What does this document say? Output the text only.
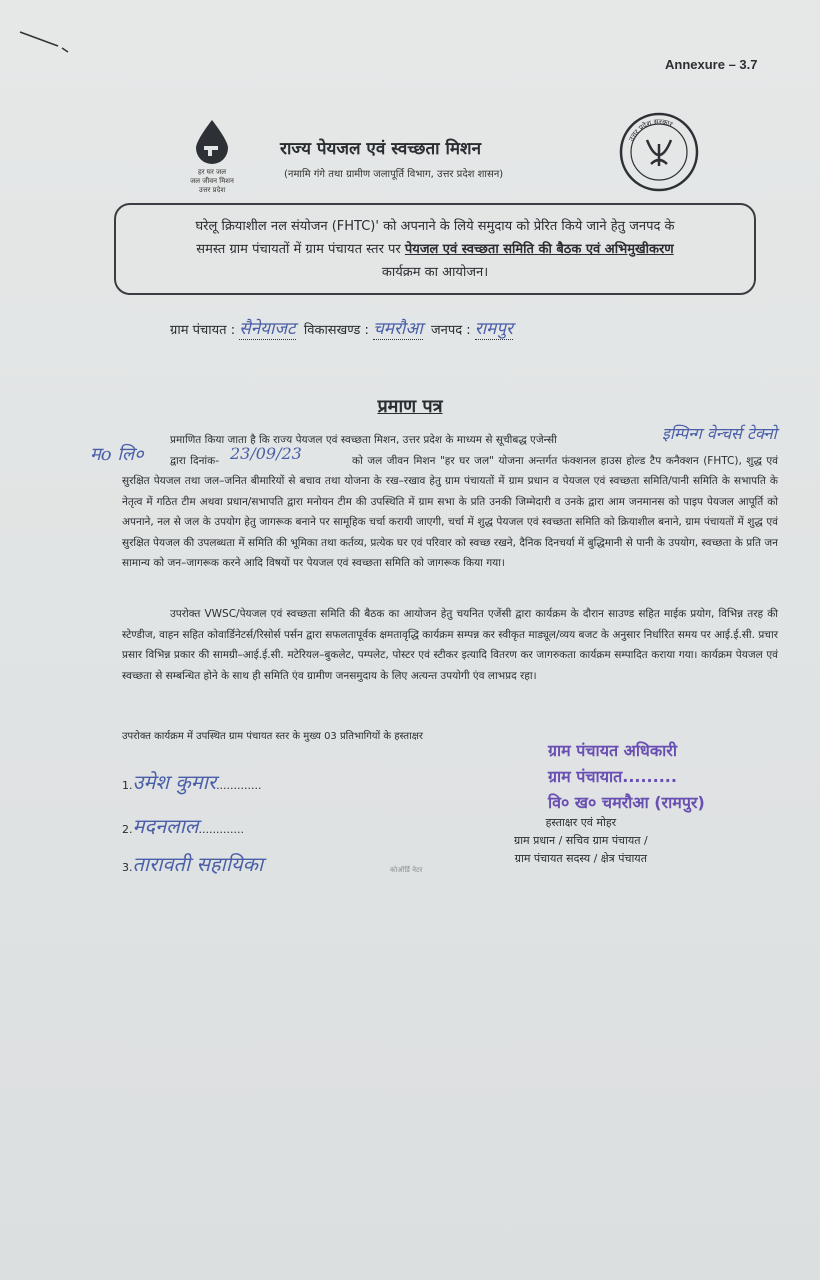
Annexure – 3.7
हर घर जल
जल जीवन मिशन
उत्तर प्रदेश
राज्य पेयजल एवं स्वच्छता मिशन
(नमामि गंगे तथा ग्रामीण जलापूर्ति विभाग, उत्तर प्रदेश शासन)
उत्तर प्रदेश सरकार
घरेलू क्रियाशील नल संयोजन (FHTC)' को अपनाने के लिये समुदाय को प्रेरित किये जाने हेतु जनपद के
समस्त ग्राम पंचायतों में ग्राम पंचायत स्तर पर पेयजल एवं स्वच्छता समिति की बैठक एवं अभिमुखीकरण
कार्यक्रम का आयोजन।
ग्राम पंचायत : सैनेयाजट विकासखण्ड : चमरौआ जनपद : रामपुर
प्रमाण पत्र
मo लि०
इम्पिन्ग वेन्चर्स टेक्नो
23/09/23
प्रमाणित किया जाता है कि राज्य पेयजल एवं स्वच्छता मिशन, उत्तर प्रदेश के माध्यम से सूचीबद्ध एजेन्सी
द्वारा दिनांक-	को जल जीवन मिशन "हर घर जल" योजना अन्तर्गत फंक्शनल हाउस होल्ड टैप कनैक्शन (FHTC), शुद्ध एवं सुरक्षित पेयजल तथा जल–जनित बीमारियों से बचाव तथा योजना के रख–रखाव हेतु ग्राम पंचायतों में ग्राम प्रधान व पेयजल एवं स्वच्छता समिति/पानी समिति के सभापति के नेतृत्व में गठित टीम अथवा प्रधान/सभापति द्वारा मनोयन टीम की उपस्थिति में ग्राम सभा के प्रति उनकी जिम्मेदारी व उनके द्वारा आम जनमानस को पाइप पेयजल आपूर्ति को अपनाने, नल से जल के उपयोग हेतु जागरूक बनाने पर सामूहिक चर्चा करायी जाएगी, चर्चा में शुद्ध पेयजल एवं स्वच्छता समिति को क्रियाशील बनाने, ग्राम पंचायतों में शुद्ध एवं सुरक्षित पेयजल की उपलब्धता में समिति की भूमिका तथा कर्तव्य, प्रत्येक घर एवं परिवार को स्वच्छ रखने, दैनिक दिनचर्या में बुद्धिमानी से पानी के उपयोग, स्वच्छता के प्रति जन सामान्य को जन–जागरूक करने आदि विषयों पर पेयजल एवं स्वच्छता समिति को जागरूक किया गया।
उपरोक्त VWSC/पेयजल एवं स्वच्छता समिति की बैठक का आयोजन हेतु चयनित एजेंसी द्वारा कार्यक्रम के दौरान साउण्ड सहित माईक प्रयोग, विभिन्न तरह की स्टेण्डीज, वाहन सहित कोवार्डिनेटर्स/रिसोर्स पर्सन द्वारा सफलतापूर्वक क्षमतावृद्धि कार्यक्रम सम्पन्न कर स्वीकृत माड्यूल/व्यय बजट के अनुसार निर्धारित समय पर आई.ई.सी. प्रचार प्रसार विभिन्न प्रकार की सामग्री–आई.ई.सी. मटेरियल–बुकलेट, पम्पलेट, पोस्टर एवं स्टीकर इत्यादि वितरण कर जागरुकता कार्यक्रम सम्पादित कराया गया। कार्यक्रम पेयजल एवं स्वच्छता से सम्बन्धित होने के साथ ही समिति एंव ग्रामीण जनसमुदाय के लिए अत्यन्त उपयोगी एंव लाभप्रद रहा।
उपरोक्त कार्यक्रम में उपस्थित ग्राम पंचायत स्तर के मुख्य 03 प्रतिभागियों के हस्ताक्षर
1.उमेश कुमार.............
2.मदनलाल.............
3.तारावती सहायिका	कोऑर्डि नेटर
ग्राम पंचायत अधिकारी
ग्राम पंचायात.........
वि० ख० चमरौआ (रामपुर)
हस्ताक्षर एवं मोहर
ग्राम प्रधान / सचिव ग्राम पंचायत /
ग्राम पंचायत सदस्य / क्षेत्र पंचायत
